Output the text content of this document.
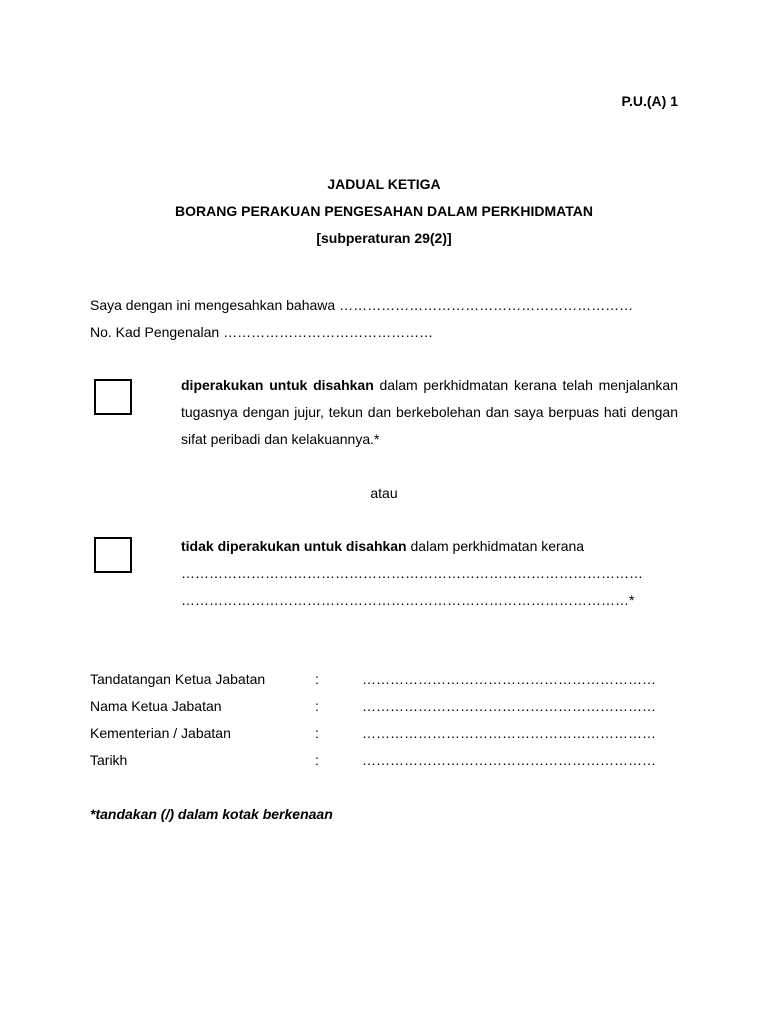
P.U.(A) 1
JADUAL KETIGA
BORANG PERAKUAN PENGESAHAN DALAM PERKHIDMATAN
[subperaturan 29(2)]
Saya dengan ini mengesahkan bahawa ………………………………………………………
No. Kad Pengenalan ………………………………………
diperakukan untuk disahkan dalam perkhidmatan kerana telah menjalankan tugasnya dengan jujur, tekun dan berkebolehan dan saya berpuas hati dengan sifat peribadi dan kelakuannya.*
atau
tidak diperakukan untuk disahkan dalam perkhidmatan kerana
………………………………………………………………………………………
……………………………………………………………………………………*
Tandatangan Ketua Jabatan	:	………………………………………………………
Nama Ketua Jabatan	:	………………………………………………………
Kementerian / Jabatan	:	………………………………………………………
Tarikh	:	………………………………………………………
*tandakan (/) dalam kotak berkenaan
